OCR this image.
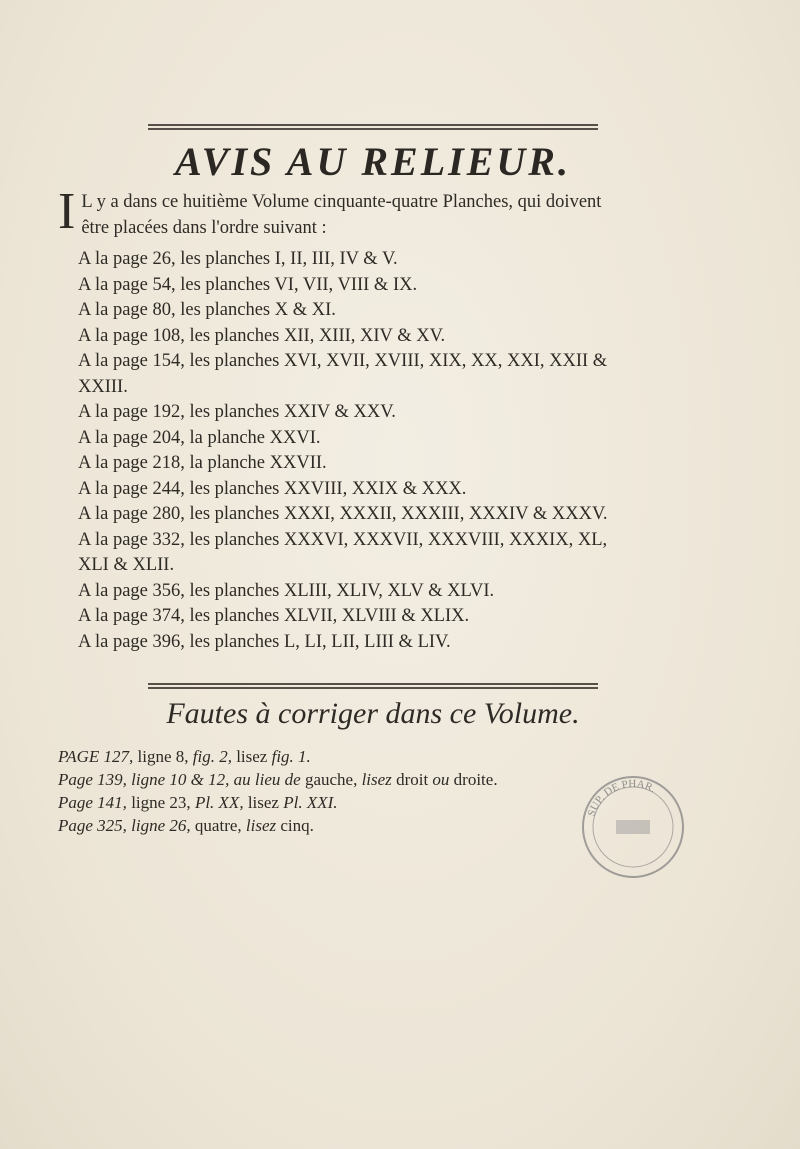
AVIS AU RELIEUR.

I L y a dans ce huitième Volume cinquante-quatre Planches, qui doivent être placées dans l'ordre suivant :

A la page 26, les planches I, II, III, IV & V.

A la page 54, les planches VI, VII, VIII & IX.

A la page 80, les planches X & XI.

A la page 108, les planches XII, XIII, XIV & XV.

A la page 154, les planches XVI, XVII, XVIII, XIX, XX, XXI, XXII & XXIII.

A la page 192, les planches XXIV & XXV.

A la page 204, la planche XXVI.

A la page 218, la planche XXVII.

A la page 244, les planches XXVIII, XXIX & XXX.

A la page 280, les planches XXXI, XXXII, XXXIII, XXXIV & XXXV.

A la page 332, les planches XXXVI, XXXVII, XXXVIII, XXXIX, XL, XLI & XLII.

A la page 356, les planches XLIII, XLIV, XLV & XLVI.

A la page 374, les planches XLVII, XLVIII & XLIX.

A la page 396, les planches L, LI, LII, LIII & LIV.

Fautes à corriger dans ce Volume.

PAGE 127, ligne 8, fig. 2, lisez fig. 1.

Page 139, ligne 10 & 12, au lieu de gauche, lisez droit ou droite.

Page 141, ligne 23, Pl. XX, lisez Pl. XXI.

Page 325, ligne 26, quatre, lisez cinq.

SUP. DE PHAR.
